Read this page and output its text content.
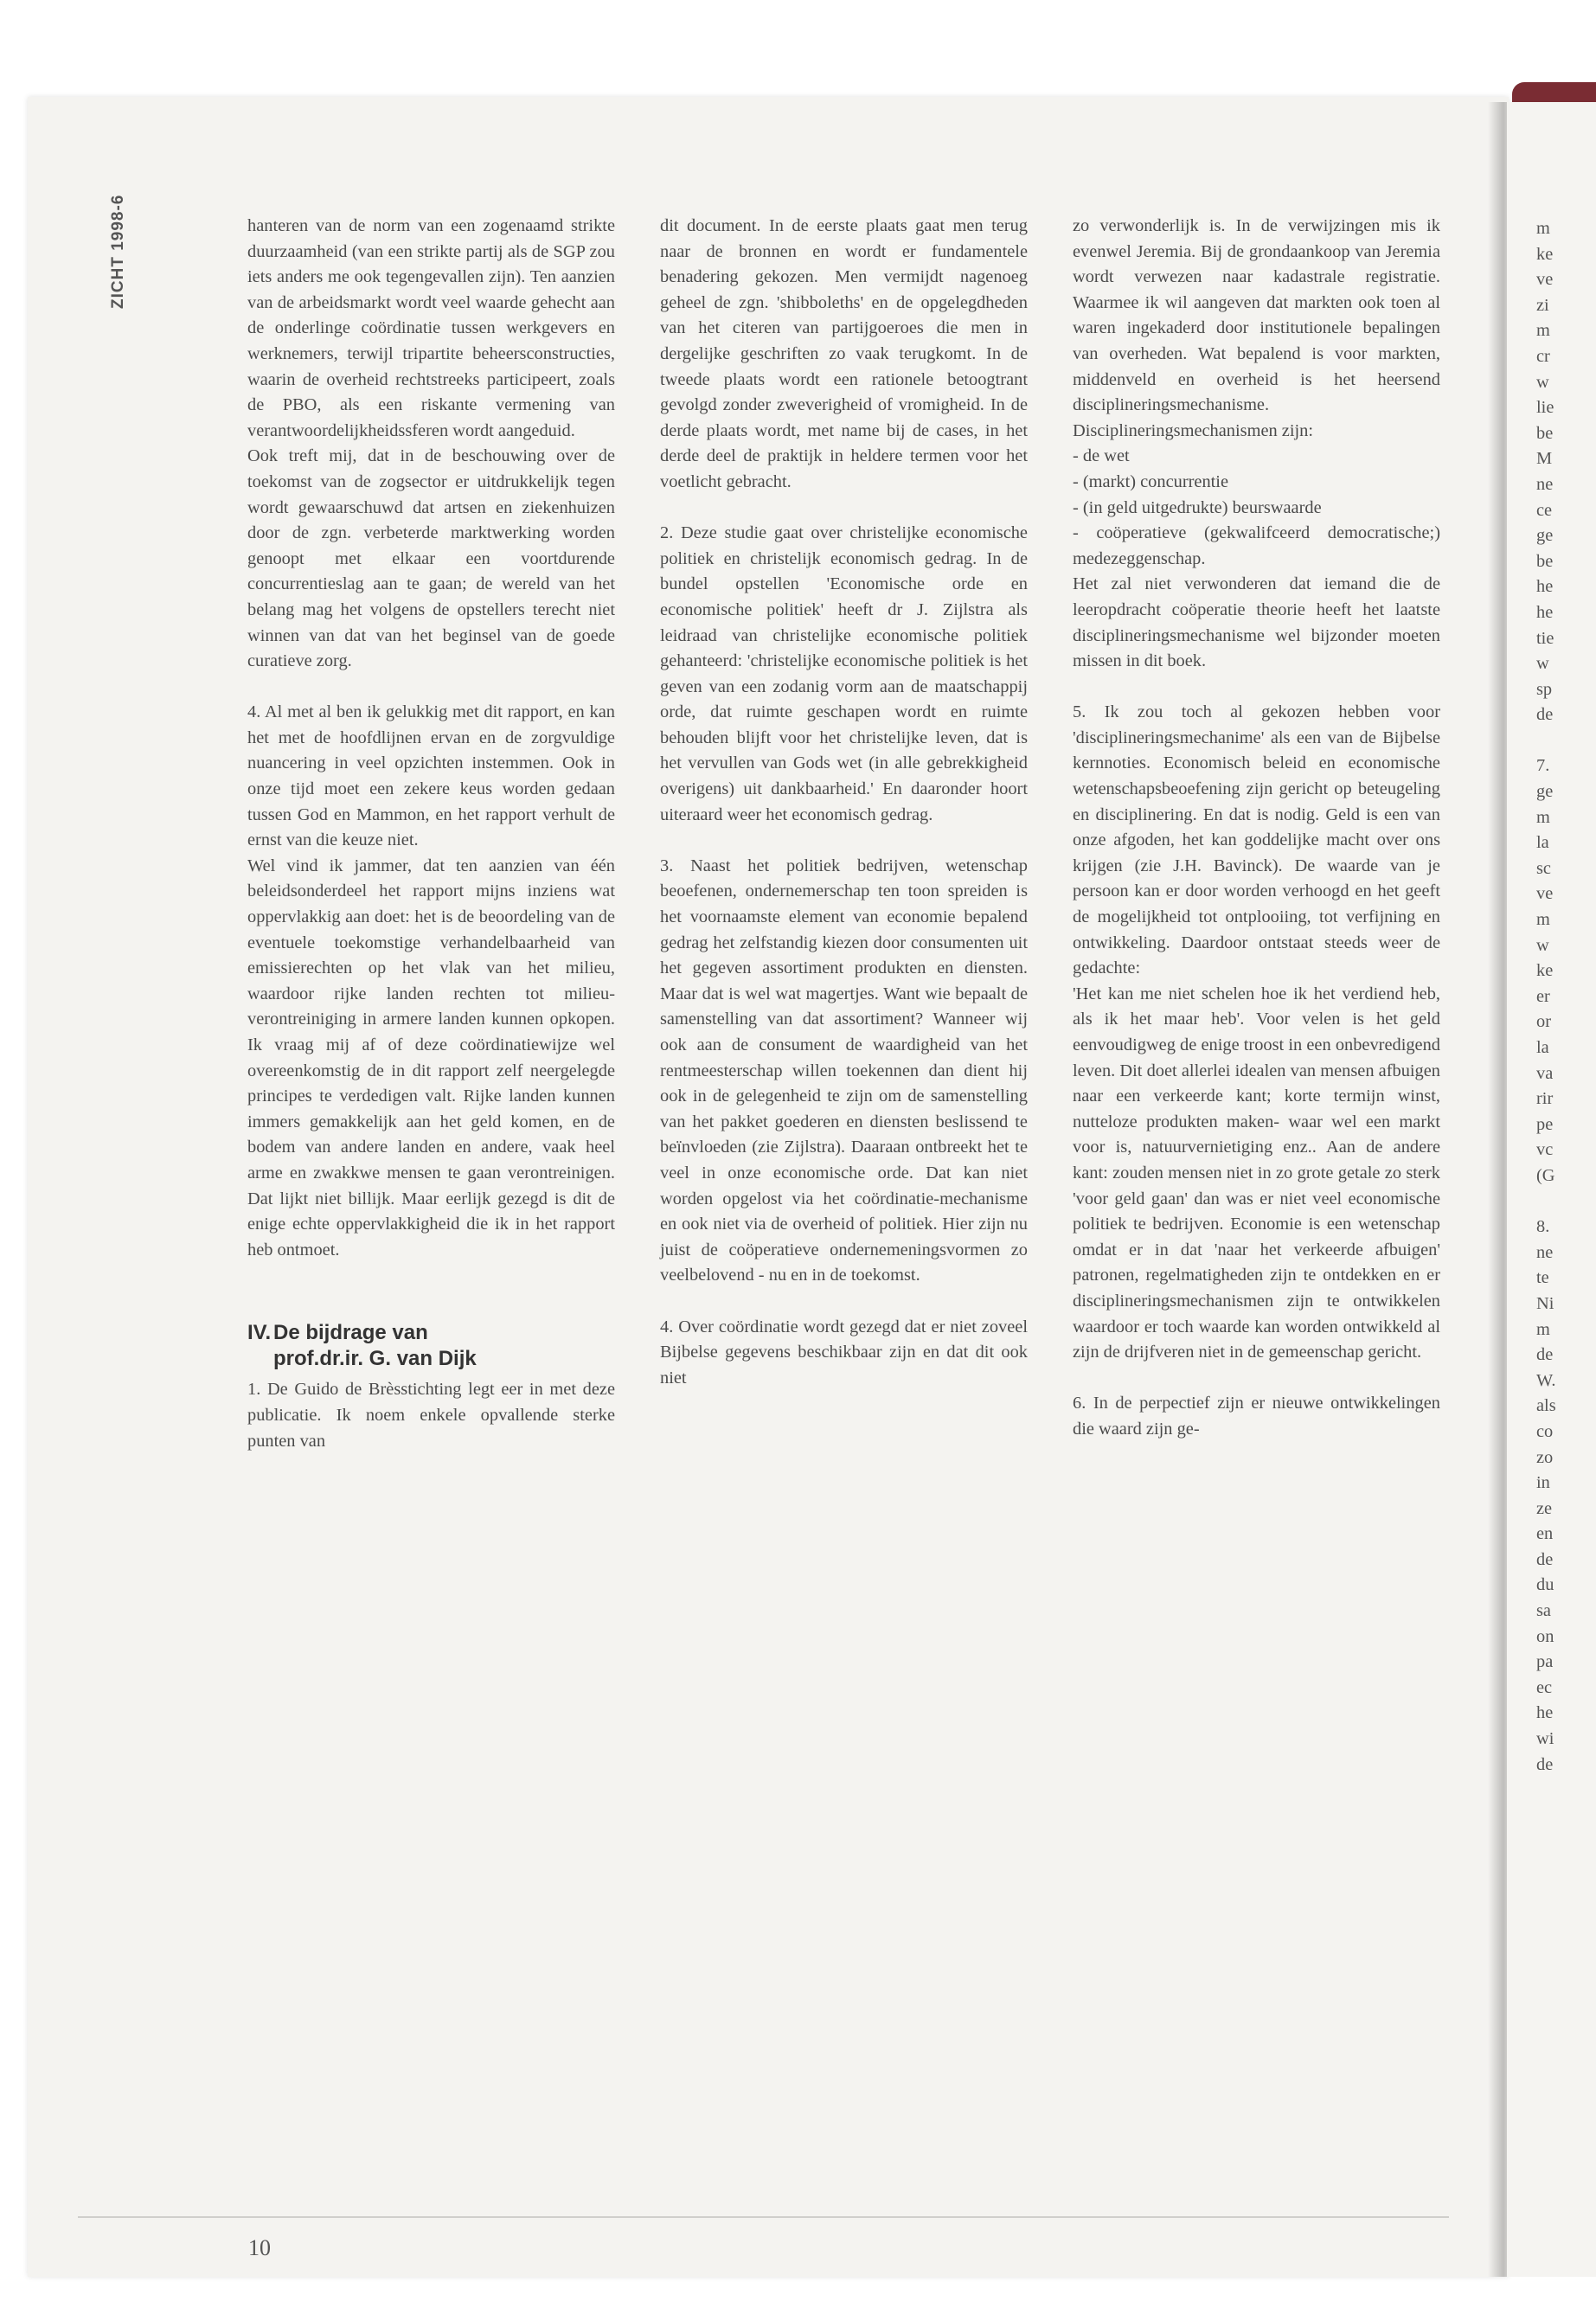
ZICHT 1998-6	hanteren van de norm van een zogenaamd strikte duurzaamheid (van een strikte partij als de SGP zou iets anders me ook tegengevallen zijn). Ten aanzien van de arbeidsmarkt wordt veel waarde gehecht aan de onderlinge coördinatie tussen werkgevers en werknemers, terwijl tripartite beheersconstructies, waarin de overheid rechtstreeks participeert, zoals de PBO, als een riskante vermening van verantwoordelijkheidssferen wordt aangeduid.

Ook treft mij, dat in de beschouwing over de toekomst van de zogsector er uitdrukkelijk tegen wordt gewaarschuwd dat artsen en ziekenhuizen door de zgn. verbeterde marktwerking worden genoopt met elkaar een voortdurende concurrentieslag aan te gaan; de wereld van het belang mag het volgens de opstellers terecht niet winnen van dat van het beginsel van de goede curatieve zorg.

4. Al met al ben ik gelukkig met dit rapport, en kan het met de hoofdlijnen ervan en de zorgvuldige nuancering in veel opzichten instemmen. Ook in onze tijd moet een zekere keus worden gedaan tussen God en Mammon, en het rapport verhult de ernst van die keuze niet.

Wel vind ik jammer, dat ten aanzien van één beleidsonderdeel het rapport mijns inziens wat oppervlakkig aan doet: het is de beoordeling van de eventuele toekomstige verhandelbaarheid van emissierechten op het vlak van het milieu, waardoor rijke landen rechten tot milieu-verontreiniging in armere landen kunnen opkopen. Ik vraag mij af of deze coördinatiewijze wel overeenkomstig de in dit rapport zelf neergelegde principes te verdedigen valt. Rijke landen kunnen immers gemakkelijk aan het geld komen, en de bodem van andere landen en andere, vaak heel arme en zwakkwe mensen te gaan verontreinigen. Dat lijkt niet billijk. Maar eerlijk gezegd is dit de enige echte oppervlakkigheid die ik in het rapport heb ontmoet.

IV. De bijdrage van
prof.dr.ir. G. van Dijk

1. De Guido de Brèsstichting legt eer in met deze publicatie. Ik noem enkele opvallende sterke punten van

dit document. In de eerste plaats gaat men terug naar de bronnen en wordt er fundamentele benadering gekozen. Men vermijdt nagenoeg geheel de zgn. 'shibboleths' en de opgelegdheden van het citeren van partijgoeroes die men in dergelijke geschriften zo vaak terugkomt. In de tweede plaats wordt een rationele betoogtrant gevolgd zonder zweverigheid of vromigheid. In de derde plaats wordt, met name bij de cases, in het derde deel de praktijk in heldere termen voor het voetlicht gebracht.

2. Deze studie gaat over christelijke economische politiek en christelijk economisch gedrag. In de bundel opstellen 'Economische orde en economische politiek' heeft dr J. Zijlstra als leidraad van christelijke economische politiek gehanteerd: 'christelijke economische politiek is het geven van een zodanig vorm aan de maatschappij orde, dat ruimte geschapen wordt en ruimte behouden blijft voor het christelijke leven, dat is het vervullen van Gods wet (in alle gebrekkigheid overigens) uit dankbaarheid.' En daaronder hoort uiteraard weer het economisch gedrag.

3. Naast het politiek bedrijven, wetenschap beoefenen, ondernemerschap ten toon spreiden is het voornaamste element van economie bepalend gedrag het zelfstandig kiezen door consumenten uit het gegeven assortiment produkten en diensten. Maar dat is wel wat magertjes. Want wie bepaalt de samenstelling van dat assortiment? Wanneer wij ook aan de consument de waardigheid van het rentmeesterschap willen toekennen dan dient hij ook in de gelegenheid te zijn om de samenstelling van het pakket goederen en diensten beslissend te beïnvloeden (zie Zijlstra). Daaraan ontbreekt het te veel in onze economische orde. Dat kan niet worden opgelost via het coördinatie-mechanisme en ook niet via de overheid of politiek. Hier zijn nu juist de coöperatieve ondernemeningsvormen zo veelbelovend - nu en in de toekomst.

4. Over coördinatie wordt gezegd dat er niet zoveel Bijbelse gegevens beschikbaar zijn en dat dit ook niet

zo verwonderlijk is. In de verwijzingen mis ik evenwel Jeremia. Bij de grondaankoop van Jeremia wordt verwezen naar kadastrale registratie. Waarmee ik wil aangeven dat markten ook toen al waren ingekaderd door institutionele bepalingen van overheden. Wat bepalend is voor markten, middenveld en overheid is het heersend disciplineringsmechanisme. Disciplineringsmechanismen zijn:

- de wet
- (markt) concurrentie
- (in geld uitgedrukte) beurswaarde
- coöperatieve (gekwalifceerd democratische;) medezeggenschap.

Het zal niet verwonderen dat iemand die de leeropdracht coöperatie theorie heeft het laatste disciplineringsmechanisme wel bijzonder moeten missen in dit boek.

5. Ik zou toch al gekozen hebben voor 'disciplineringsmechanime' als een van de Bijbelse kernnoties. Economisch beleid en economische wetenschapsbeoefening zijn gericht op beteugeling en disciplinering. En dat is nodig. Geld is een van onze afgoden, het kan goddelijke macht over ons krijgen (zie J.H. Bavinck). De waarde van je persoon kan er door worden verhoogd en het geeft de mogelijkheid tot ontplooiing, tot verfijning en ontwikkeling. Daardoor ontstaat steeds weer de gedachte:

'Het kan me niet schelen hoe ik het verdiend heb, als ik het maar heb'. Voor velen is het geld eenvoudigweg de enige troost in een onbevredigend leven. Dit doet allerlei idealen van mensen afbuigen naar een verkeerde kant; korte termijn winst, nutteloze produkten maken- waar wel een markt voor is, natuurvernietiging enz.. Aan de andere kant: zouden mensen niet in zo grote getale zo sterk 'voor geld gaan' dan was er niet veel economische politiek te bedrijven. Economie is een wetenschap omdat er in dat 'naar het verkeerde afbuigen' patronen, regelmatigheden zijn te ontdekken en er disciplineringsmechanismen zijn te ontwikkelen waardoor er toch waarde kan worden ontwikkeld al zijn de drijfveren niet in de gemeenschap gericht.

6. In de perpectief zijn er nieuwe ontwikkelingen die waard zijn ge-

10

m
ke
ve
zi
m
cr
w
lie
be
M
ne
ce
ge
be
he
he
tie
w
sp
de

7.
ge
m
la
sc
ve
m
w
ke
er
or
la
va
rir
pe
vc
(G

8.
ne
te
Ni
m
de
W.
als
co
zo
in
ze
en
de
du
sa
on
pa
ec
he
wi
de
